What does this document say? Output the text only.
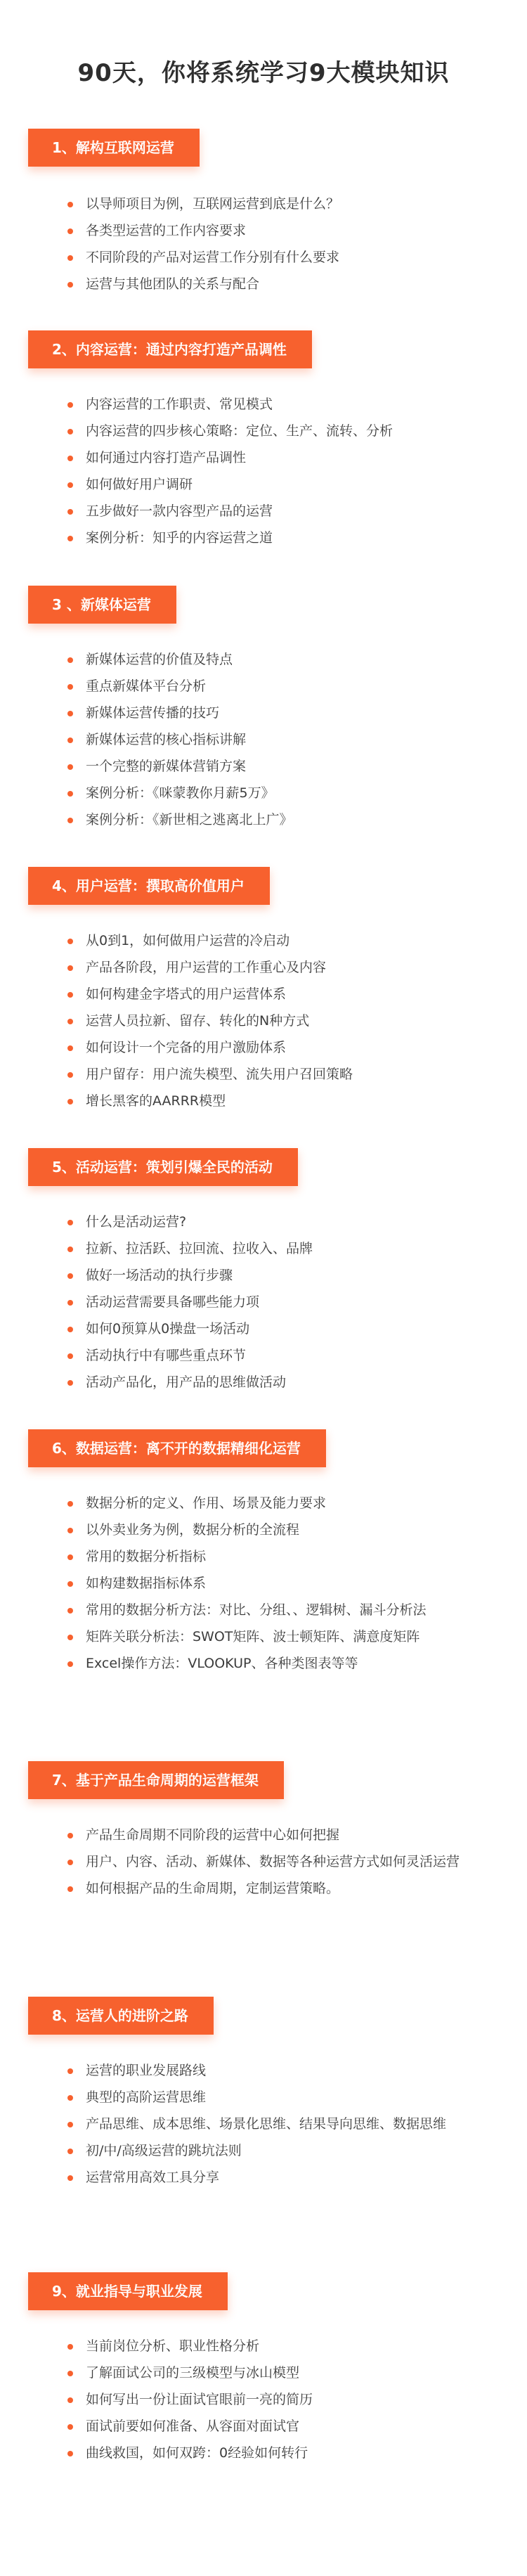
90天，你将系统学习9大模块知识
1、解构互联网运营
以导师项目为例，互联网运营到底是什么？
各类型运营的工作内容要求
不同阶段的产品对运营工作分别有什么要求
运营与其他团队的关系与配合
2、内容运营：通过内容打造产品调性
内容运营的工作职责、常见模式
内容运营的四步核心策略：定位、生产、流转、分析
如何通过内容打造产品调性
如何做好用户调研
五步做好一款内容型产品的运营
案例分析：知乎的内容运营之道
3 、新媒体运营
新媒体运营的价值及特点
重点新媒体平台分析
新媒体运营传播的技巧
新媒体运营的核心指标讲解
一个完整的新媒体营销方案
案例分析：《咪蒙教你月薪5万》
案例分析：《新世相之逃离北上广》
4、用户运营：撰取高价值用户
从0到1，如何做用户运营的冷启动
产品各阶段，用户运营的工作重心及内容
如何构建金字塔式的用户运营体系
运营人员拉新、留存、转化的N种方式
如何设计一个完备的用户激励体系
用户留存：用户流失模型、流失用户召回策略
增长黑客的AARRR模型
5、活动运营：策划引爆全民的活动
什么是活动运营?
拉新、拉活跃、拉回流、拉收入、品牌
做好一场活动的执行步骤
活动运营需要具备哪些能力项
如何0预算从0操盘一场活动
活动执行中有哪些重点环节
活动产品化，用产品的思维做活动
6、数据运营：离不开的数据精细化运营
数据分析的定义、作用、场景及能力要求
以外卖业务为例，数据分析的全流程
常用的数据分析指标
如构建数据指标体系
常用的数据分析方法：对比、分组、、逻辑树、漏斗分析法
矩阵关联分析法：SWOT矩阵、波士顿矩阵、满意度矩阵
Excel操作方法：VLOOKUP、各种类图表等等
7、基于产品生命周期的运营框架
产品生命周期不同阶段的运营中心如何把握
用户、内容、活动、新媒体、数据等各种运营方式如何灵活运营
如何根据产品的生命周期，定制运营策略。
8、运营人的进阶之路
运营的职业发展路线
典型的高阶运营思维
产品思维、成本思维、场景化思维、结果导向思维、数据思维
初/中/高级运营的跳坑法则
运营常用高效工具分享
9、就业指导与职业发展
当前岗位分析、职业性格分析
了解面试公司的三级模型与冰山模型
如何写出一份让面试官眼前一亮的简历
面试前要如何准备、从容面对面试官
曲线救国，如何双跨：0经验如何转行
